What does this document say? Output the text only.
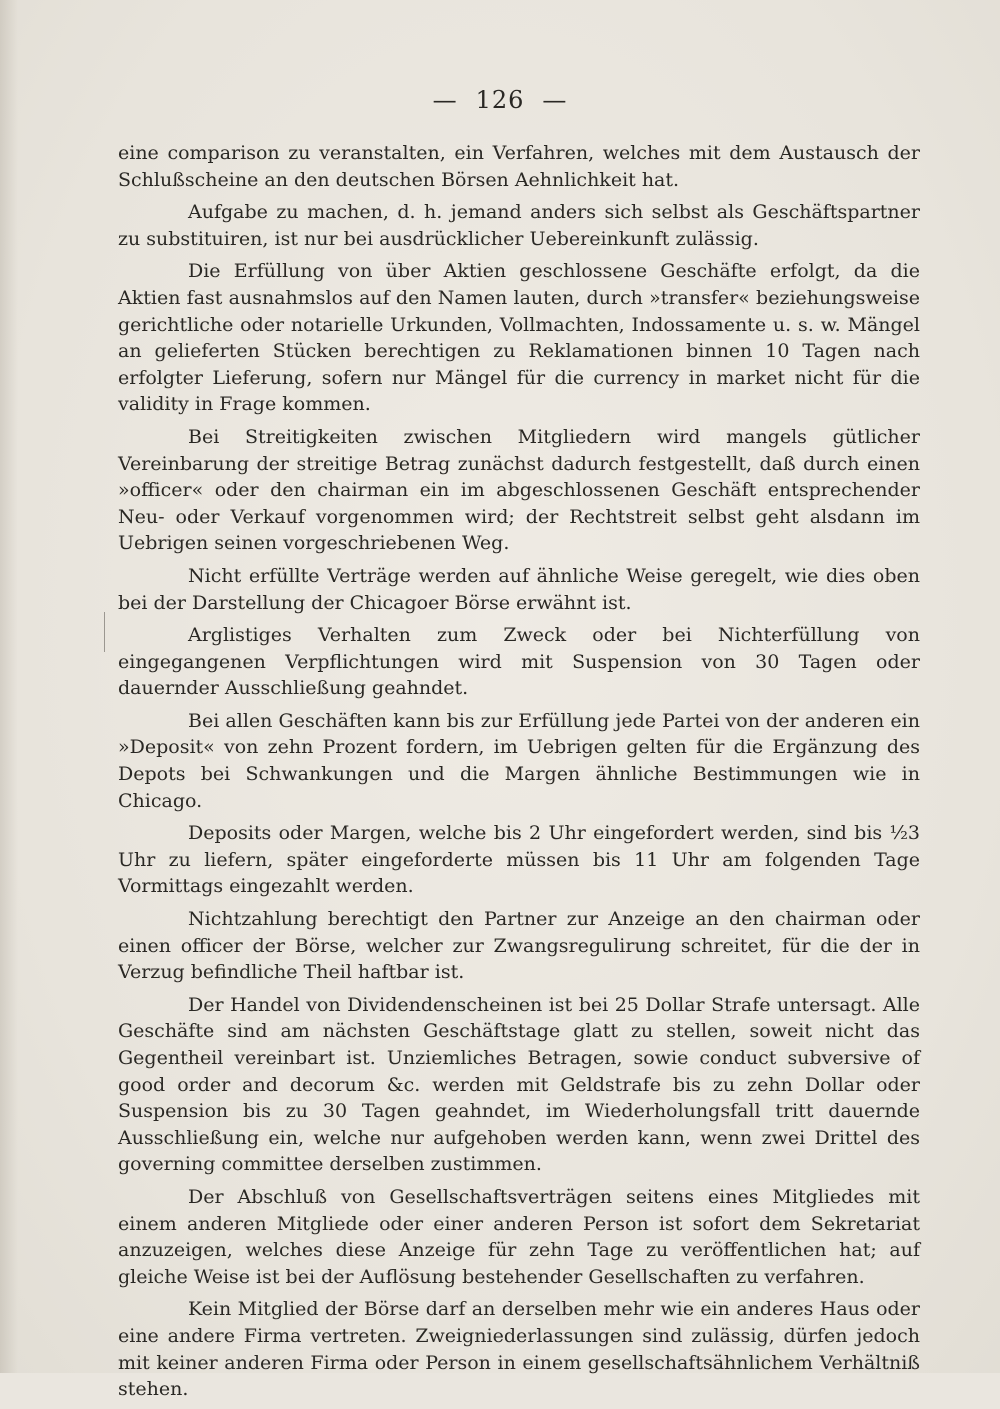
— 126 —

eine comparison zu veranstalten, ein Verfahren, welches mit dem Austausch der Schlußscheine an den deutschen Börsen Aehnlichkeit hat.

Aufgabe zu machen, d. h. jemand anders sich selbst als Geschäftspartner zu substituiren, ist nur bei ausdrücklicher Uebereinkunft zulässig.

Die Erfüllung von über Aktien geschlossene Geschäfte erfolgt, da die Aktien fast ausnahmslos auf den Namen lauten, durch »transfer« beziehungsweise gerichtliche oder notarielle Urkunden, Vollmachten, Indossamente u. s. w. Mängel an gelieferten Stücken berechtigen zu Reklamationen binnen 10 Tagen nach erfolgter Lieferung, sofern nur Mängel für die currency in market nicht für die validity in Frage kommen.

Bei Streitigkeiten zwischen Mitgliedern wird mangels gütlicher Vereinbarung der streitige Betrag zunächst dadurch festgestellt, daß durch einen »officer« oder den chairman ein im abgeschlossenen Geschäft entsprechender Neu- oder Verkauf vorgenommen wird; der Rechtstreit selbst geht alsdann im Uebrigen seinen vorgeschriebenen Weg.

Nicht erfüllte Verträge werden auf ähnliche Weise geregelt, wie dies oben bei der Darstellung der Chicagoer Börse erwähnt ist.

Arglistiges Verhalten zum Zweck oder bei Nichterfüllung von eingegangenen Verpflichtungen wird mit Suspension von 30 Tagen oder dauernder Ausschließung geahndet.

Bei allen Geschäften kann bis zur Erfüllung jede Partei von der anderen ein »Deposit« von zehn Prozent fordern, im Uebrigen gelten für die Ergänzung des Depots bei Schwankungen und die Margen ähnliche Bestimmungen wie in Chicago.

Deposits oder Margen, welche bis 2 Uhr eingefordert werden, sind bis ½3 Uhr zu liefern, später eingeforderte müssen bis 11 Uhr am folgenden Tage Vormittags eingezahlt werden.

Nichtzahlung berechtigt den Partner zur Anzeige an den chairman oder einen officer der Börse, welcher zur Zwangsregulirung schreitet, für die der in Verzug befindliche Theil haftbar ist.

Der Handel von Dividendenscheinen ist bei 25 Dollar Strafe untersagt. Alle Geschäfte sind am nächsten Geschäftstage glatt zu stellen, soweit nicht das Gegentheil vereinbart ist. Unziemliches Betragen, sowie conduct subversive of good order and decorum &c. werden mit Geldstrafe bis zu zehn Dollar oder Suspension bis zu 30 Tagen geahndet, im Wiederholungsfall tritt dauernde Ausschließung ein, welche nur aufgehoben werden kann, wenn zwei Drittel des governing committee derselben zustimmen.

Der Abschluß von Gesellschaftsverträgen seitens eines Mitgliedes mit einem anderen Mitgliede oder einer anderen Person ist sofort dem Sekretariat anzuzeigen, welches diese Anzeige für zehn Tage zu veröffentlichen hat; auf gleiche Weise ist bei der Auflösung bestehender Gesellschaften zu verfahren.

Kein Mitglied der Börse darf an derselben mehr wie ein anderes Haus oder eine andere Firma vertreten. Zweigniederlassungen sind zulässig, dürfen jedoch mit keiner anderen Firma oder Person in einem gesellschaftsähnlichem Verhältniß stehen.
